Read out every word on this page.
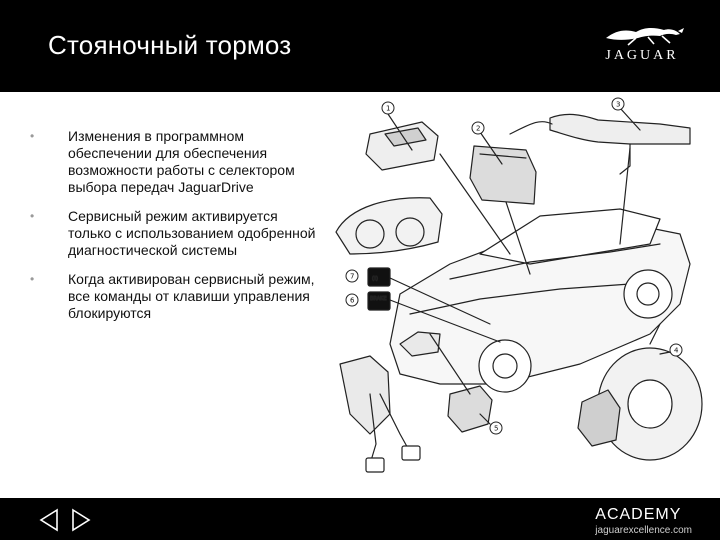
Стояночный тормоз	JAGUAR
• Изменения в программном обеспечении для обеспечения возможности работы с селектором выбора передач JaguarDrive
• Сервисный режим активируется только с использованием одобренной диагностической системы
• Когда активирован сервисный режим, все команды от клавиши управления блокируются
(!)
BRAKE
1
2
3
4
5
6
7
ACADEMY
jaguarexcellence.com
